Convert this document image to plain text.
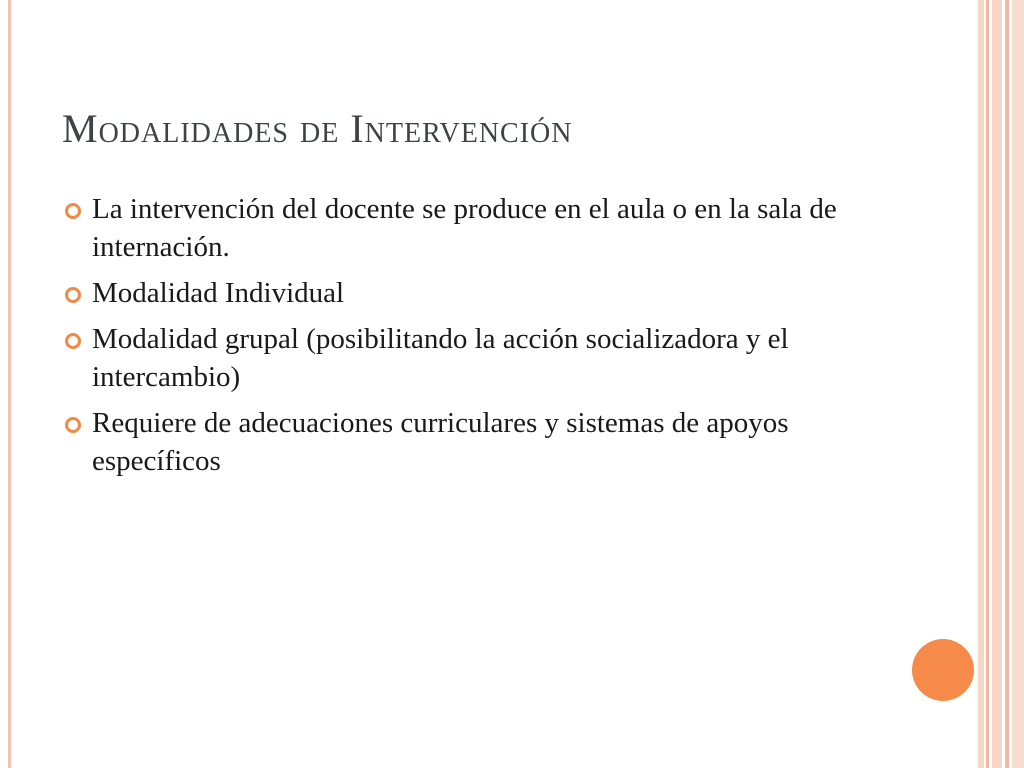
Modalidades de Intervención
La intervención del docente se produce en el aula o en la sala de internación.
Modalidad Individual
Modalidad grupal (posibilitando la acción socializadora y el intercambio)
Requiere de adecuaciones curriculares y sistemas de apoyos específicos
